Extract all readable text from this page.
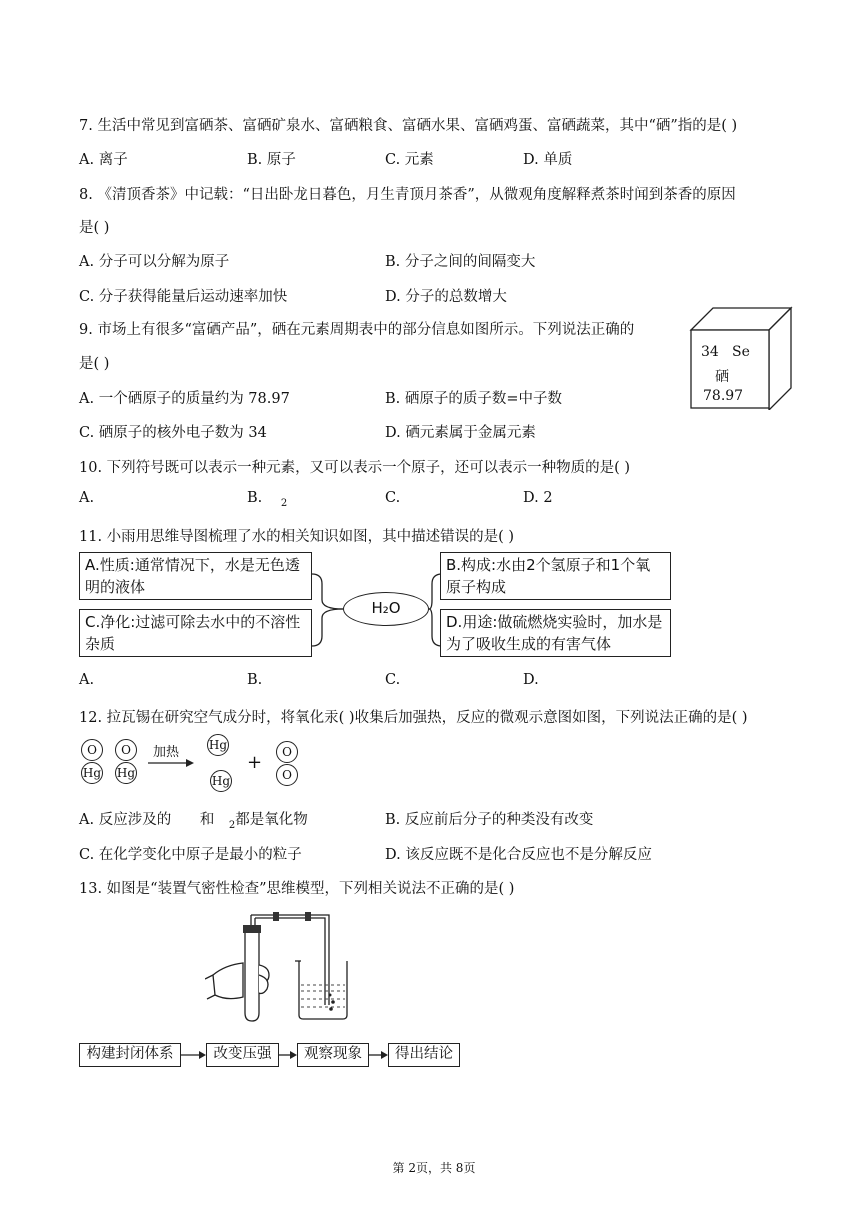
7. 生活中常见到富硒茶、富硒矿泉水、富硒粮食、富硒水果、富硒鸡蛋、富硒蔬菜，其中“硒”指的是( )
A. 离子	B. 原子	C. 元素	D. 单质
8. 《清顶香茶》中记载：“日出卧龙日暮色，月生青顶月茶香”，从微观角度解释煮茶时闻到茶香的原因
是( )
A. 分子可以分解为原子	B. 分子之间的间隔变大
C. 分子获得能量后运动速率加快	D. 分子的总数增大
9. 市场上有很多“富硒产品”，硒在元素周期表中的部分信息如图所示。下列说法正确的
是( )
A. 一个硒原子的质量约为 78.97	B. 硒原子的质子数=中子数
C. 硒原子的核外电子数为 34	D. 硒元素属于金属元素
34 Se
硒
78.97
10. 下列符号既可以表示一种元素，又可以表示一个原子，还可以表示一种物质的是( )
A.	B. $_2$	C.	D. 2
11. 小雨用思维导图梳理了水的相关知识如图，其中描述错误的是( )
A.性质:通常情况下，水是无色透明的液体
C.净化:过滤可除去水中的不溶性杂质
B.构成:水由2个氢原子和1个氧原子构成
D.用途:做硫燃烧实验时，加水是为了吸收生成的有害气体
H₂O
A.	B.	C.	D.
12. 拉瓦锡在研究空气成分时，将氧化汞( )收集后加强热，反应的微观示意图如图，下列说法正确的是( )
O
Hg
O
Hg
加热 Hg
Hg
+	O
O
A. 反应涉及的 和 $_2$都是氧化物	B. 反应前后分子的种类没有改变
C. 在化学变化中原子是最小的粒子	D. 该反应既不是化合反应也不是分解反应
13. 如图是“装置气密性检查”思维模型，下列相关说法不正确的是( )
构建封闭体系	改变压强	观察现象	得出结论
第 2页，共 8页
